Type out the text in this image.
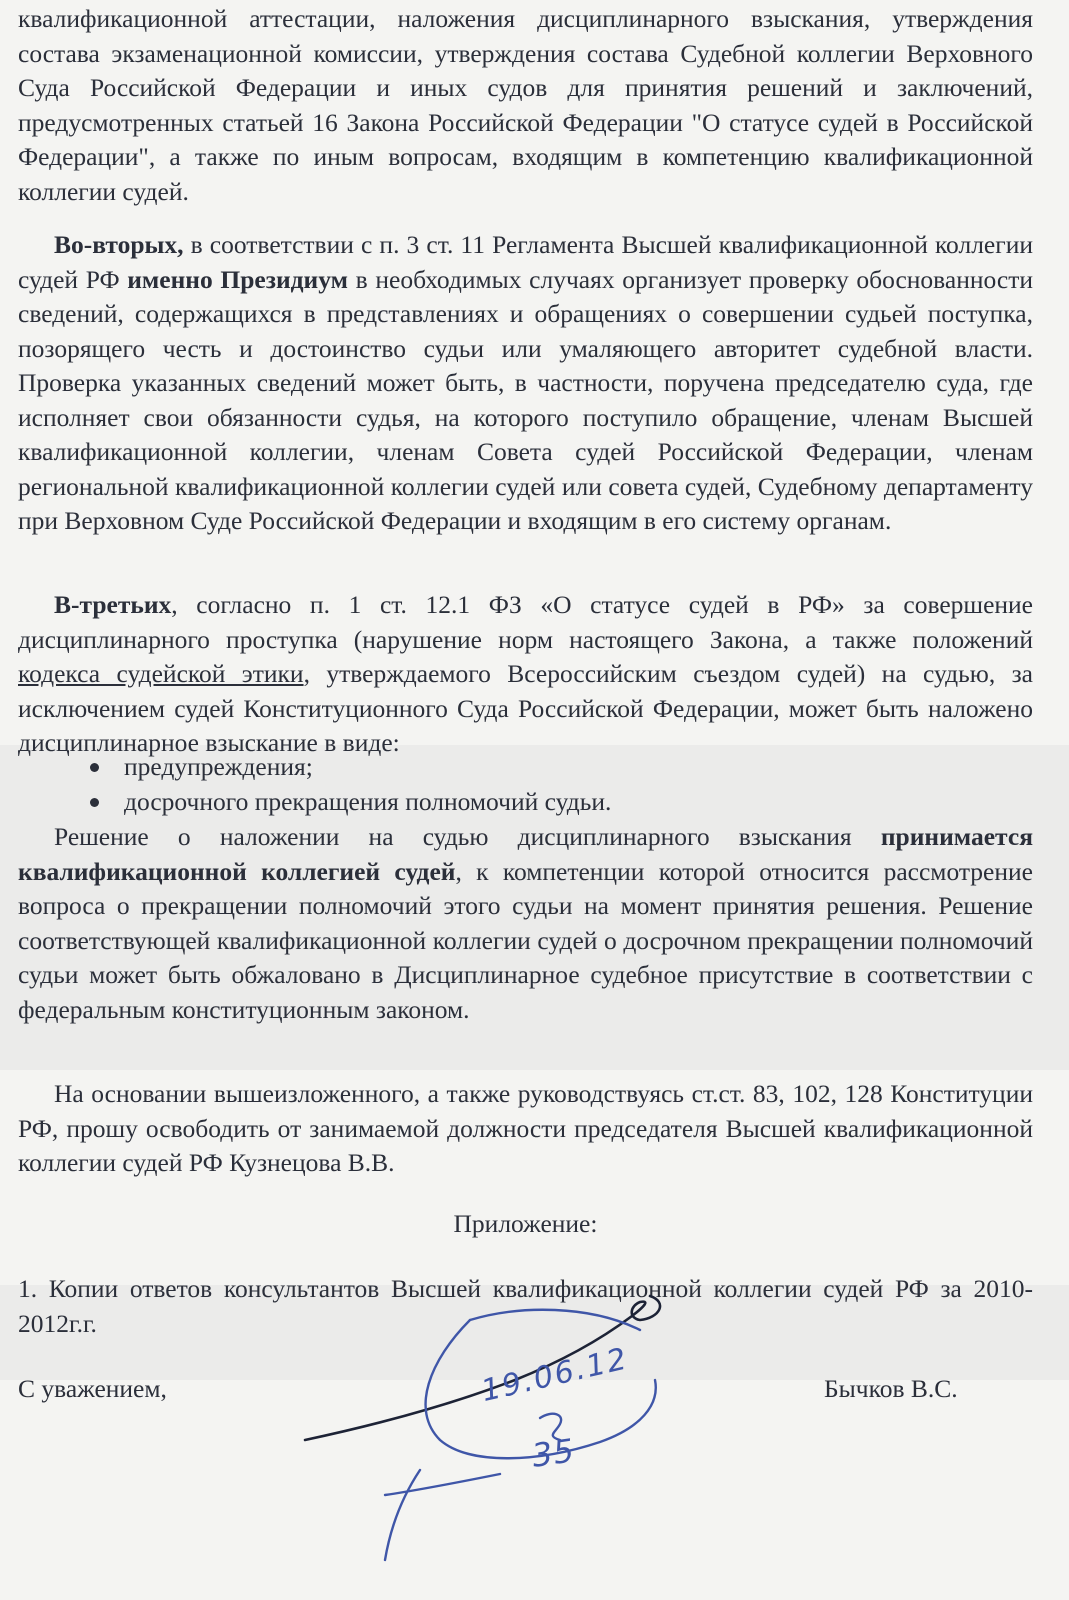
квалификационной аттестации, наложения дисциплинарного взыскания, утверждения состава экзаменационной комиссии, утверждения состава Судебной коллегии Верховного Суда Российской Федерации и иных судов для принятия решений и заключений, предусмотренных статьей 16 Закона Российской Федерации "О статусе судей в Российской Федерации", а также по иным вопросам, входящим в компетенцию квалификационной коллегии судей.

Во-вторых, в соответствии с п. 3 ст. 11 Регламента Высшей квалификационной коллегии судей РФ именно Президиум в необходимых случаях организует проверку обоснованности сведений, содержащихся в представлениях и обращениях о совершении судьей поступка, позорящего честь и достоинство судьи или умаляющего авторитет судебной власти. Проверка указанных сведений может быть, в частности, поручена председателю суда, где исполняет свои обязанности судья, на которого поступило обращение, членам Высшей квалификационной коллегии, членам Совета судей Российской Федерации, членам региональной квалификационной коллегии судей или совета судей, Судебному департаменту при Верховном Суде Российской Федерации и входящим в его систему органам.

В-третьих, согласно п. 1 ст. 12.1 ФЗ «О статусе судей в РФ» за совершение дисциплинарного проступка (нарушение норм настоящего Закона, а также положений кодекса судейской этики, утверждаемого Всероссийским съездом судей) на судью, за исключением судей Конституционного Суда Российской Федерации, может быть наложено дисциплинарное взыскание в виде:

предупреждения;
досрочного прекращения полномочий судьи.

Решение о наложении на судью дисциплинарного взыскания принимается квалификационной коллегией судей, к компетенции которой относится рассмотрение вопроса о прекращении полномочий этого судьи на момент принятия решения. Решение соответствующей квалификационной коллегии судей о досрочном прекращении полномочий судьи может быть обжаловано в Дисциплинарное судебное присутствие в соответствии с федеральным конституционным законом.

На основании вышеизложенного, а также руководствуясь ст.ст. 83, 102, 128 Конституции РФ, прошу освободить от занимаемой должности председателя Высшей квалификационной коллегии судей РФ Кузнецова В.В.

Приложение:

1. Копии ответов консультантов Высшей квалификационной коллегии судей РФ за 2010-2012г.г.

С уважением,	Бычков В.С.
19.06.12
35
